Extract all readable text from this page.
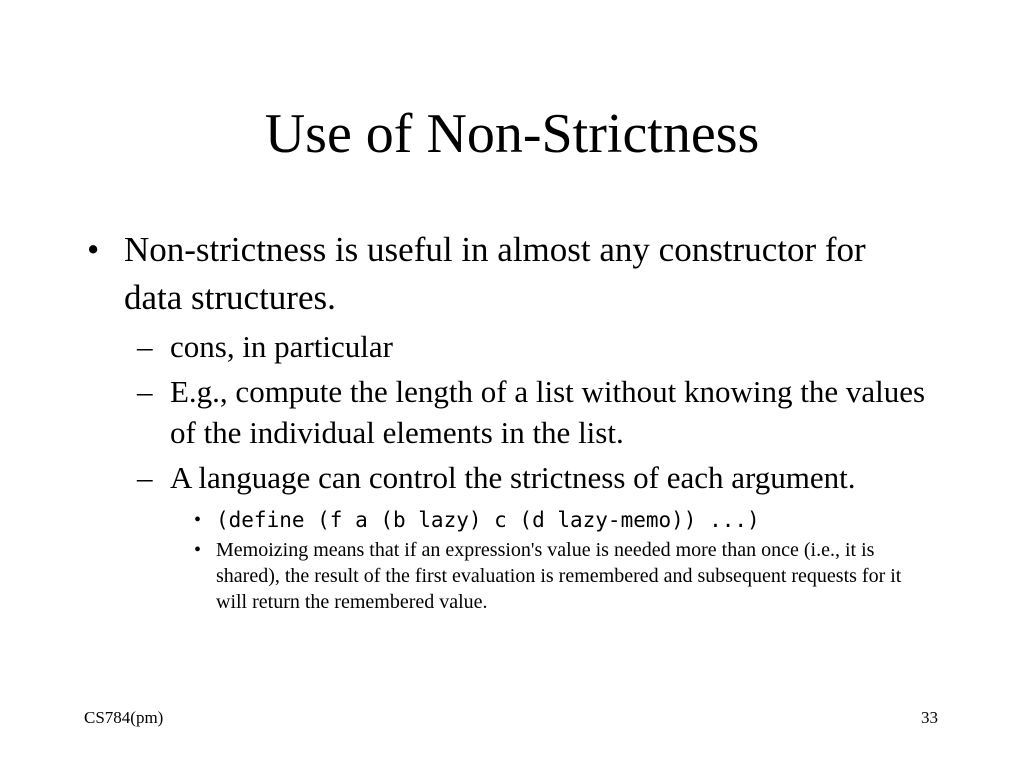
Use of Non-Strictness
• Non-strictness is useful in almost any constructor for data structures.
– cons, in particular
– E.g., compute the length of a list without knowing the values of the individual elements in the list.
– A language can control the strictness of each argument.
• (define (f a (b lazy) c (d lazy-memo)) ...)
• Memoizing means that if an expression's value is needed more than once (i.e., it is shared), the result of the first evaluation is remembered and subsequent requests for it will return the remembered value.
CS784(pm)	33
